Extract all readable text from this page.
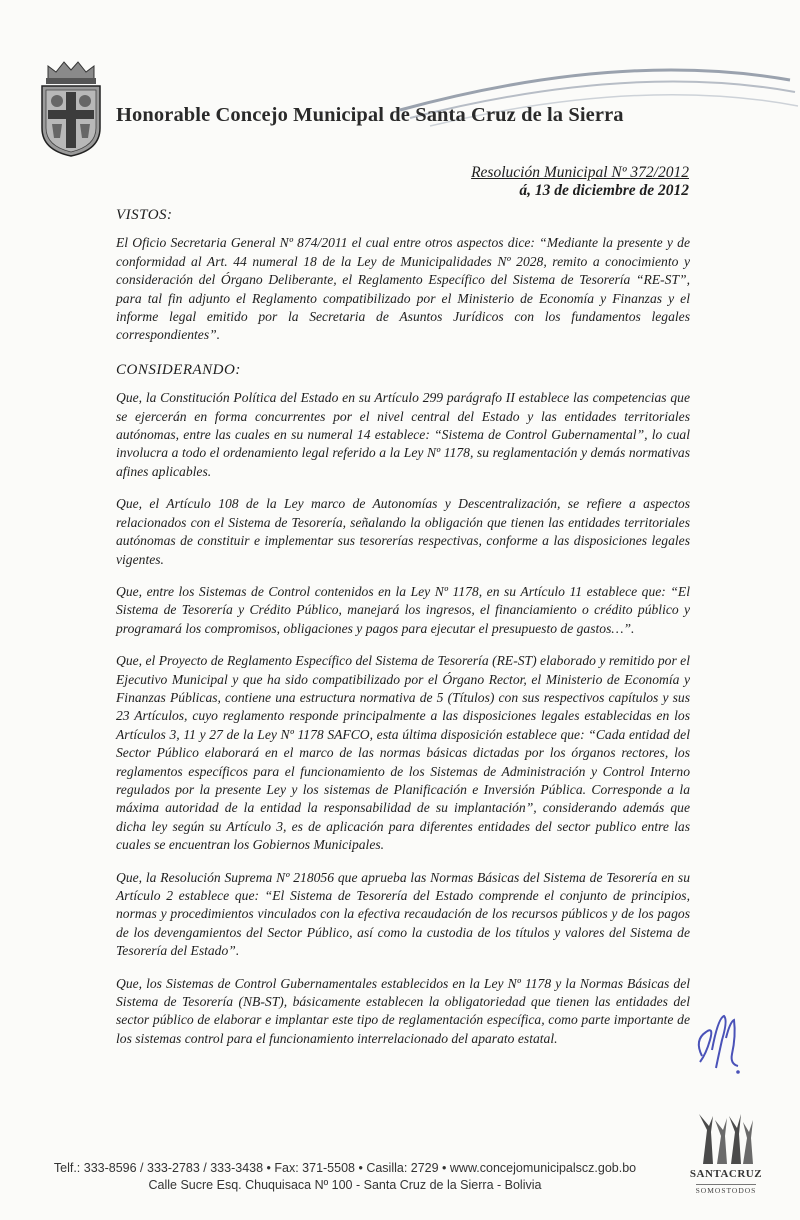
Honorable Concejo Municipal de Santa Cruz de la Sierra
Resolución Municipal Nº 372/2012
á, 13 de diciembre de 2012
VISTOS:

El Oficio Secretaria General Nº 874/2011 el cual entre otros aspectos dice: “Mediante la presente y de conformidad al Art. 44 numeral 18 de la Ley de Municipalidades Nº 2028, remito a conocimiento y consideración del Órgano Deliberante, el Reglamento Específico del Sistema de Tesorería “RE-ST”, para tal fin adjunto el Reglamento compatibilizado por el Ministerio de Economía y Finanzas y el informe legal emitido por la Secretaria de Asuntos Jurídicos con los fundamentos legales correspondientes”.

CONSIDERANDO:

Que, la Constitución Política del Estado en su Artículo 299 parágrafo II establece las competencias que se ejercerán en forma concurrentes por el nivel central del Estado y las entidades territoriales autónomas, entre las cuales en su numeral 14 establece: “Sistema de Control Gubernamental”, lo cual involucra a todo el ordenamiento legal referido a la Ley Nº 1178, su reglamentación y demás normativas afines aplicables.

Que, el Artículo 108 de la Ley marco de Autonomías y Descentralización, se refiere a aspectos relacionados con el Sistema de Tesorería, señalando la obligación que tienen las entidades territoriales autónomas de constituir e implementar sus tesorerías respectivas, conforme a las disposiciones legales vigentes.

Que, entre los Sistemas de Control contenidos en la Ley Nº 1178, en su Artículo 11 establece que: “El Sistema de Tesorería y Crédito Público, manejará los ingresos, el financiamiento o crédito público y programará los compromisos, obligaciones y pagos para ejecutar el presupuesto de gastos…”.

Que, el Proyecto de Reglamento Específico del Sistema de Tesorería (RE-ST) elaborado y remitido por el Ejecutivo Municipal y que ha sido compatibilizado por el Órgano Rector, el Ministerio de Economía y Finanzas Públicas, contiene una estructura normativa de 5 (Títulos) con sus respectivos capítulos y sus 23 Artículos, cuyo reglamento responde principalmente a las disposiciones legales establecidas en los Artículos 3, 11 y 27 de la Ley Nº 1178 SAFCO, esta última disposición establece que: “Cada entidad del Sector Público elaborará en el marco de las normas básicas dictadas por los órganos rectores, los reglamentos específicos para el funcionamiento de los Sistemas de Administración y Control Interno regulados por la presente Ley y los sistemas de Planificación e Inversión Pública. Corresponde a la máxima autoridad de la entidad la responsabilidad de su implantación”, considerando además que dicha ley según su Artículo 3, es de aplicación para diferentes entidades del sector publico entre las cuales se encuentran los Gobiernos Municipales.

Que, la Resolución Suprema Nº 218056 que aprueba las Normas Básicas del Sistema de Tesorería en su Artículo 2 establece que: “El Sistema de Tesorería del Estado comprende el conjunto de principios, normas y procedimientos vinculados con la efectiva recaudación de los recursos públicos y de los pagos de los devengamientos del Sector Público, así como la custodia de los títulos y valores del Sistema de Tesorería del Estado”.

Que, los Sistemas de Control Gubernamentales establecidos en la Ley Nº 1178 y la Normas Básicas del Sistema de Tesorería (NB-ST), básicamente establecen la obligatoriedad que tienen las entidades del sector público de elaborar e implantar este tipo de reglamentación específica, como parte importante de los sistemas control para el funcionamiento interrelacionado del aparato estatal.

Telf.: 333-8596 / 333-2783 / 333-3438 • Fax: 371-5508 • Casilla: 2729 • www.concejomunicipalscz.gob.bo
Calle Sucre Esq. Chuquisaca Nº 100 - Santa Cruz de la Sierra - Bolivia
SANTACRUZ
SOMOSTODOS
